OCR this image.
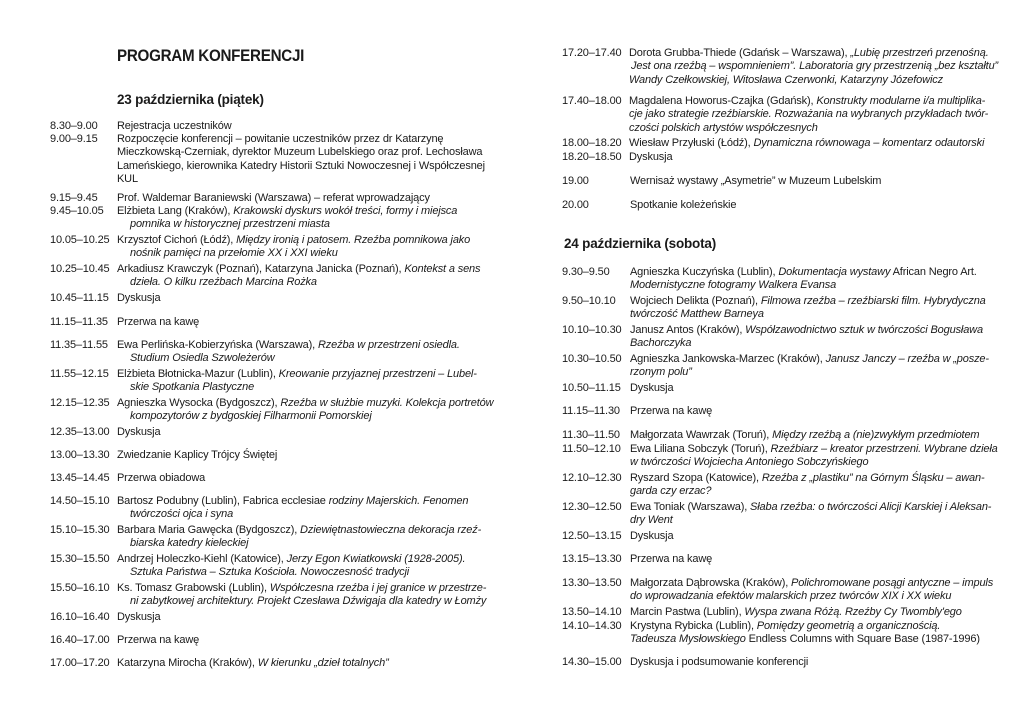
PROGRAM KONFERENCJI
23 października (piątek)
8.30–9.00 Rejestracja uczestników
9.00–9.15 Rozpoczęcie konferencji – powitanie uczestników przez dr Katarzynę
Mieczkowską-Czerniak, dyrektor Muzeum Lubelskiego oraz prof. Lechosława
Lameńskiego, kierownika Katedry Historii Sztuki Nowoczesnej i Współczesnej
KUL
9.15–9.45 Prof. Waldemar Baraniewski (Warszawa) – referat wprowadzający
9.45–10.05 Elżbieta Lang (Kraków), Krakowski dyskurs wokół treści, formy i miejsca
pomnika w historycznej przestrzeni miasta
10.05–10.25 Krzysztof Cichoń (Łódź), Między ironią i patosem. Rzeźba pomnikowa jako
nośnik pamięci na przełomie XX i XXI wieku
10.25–10.45 Arkadiusz Krawczyk (Poznań), Katarzyna Janicka (Poznań), Kontekst a sens
dzieła. O kilku rzeźbach Marcina Rożka
10.45–11.15 Dyskusja
11.15–11.35 Przerwa na kawę
11.35–11.55 Ewa Perlińska-Kobierzyńska (Warszawa), Rzeźba w przestrzeni osiedla.
Studium Osiedla Szwoleżerów
11.55–12.15 Elżbieta Błotnicka-Mazur (Lublin), Kreowanie przyjaznej przestrzeni – Lubel-
skie Spotkania Plastyczne
12.15–12.35 Agnieszka Wysocka (Bydgoszcz), Rzeźba w służbie muzyki. Kolekcja portretów
kompozytorów z bydgoskiej Filharmonii Pomorskiej
12.35–13.00 Dyskusja
13.00–13.30 Zwiedzanie Kaplicy Trójcy Świętej
13.45–14.45 Przerwa obiadowa
14.50–15.10 Bartosz Podubny (Lublin), Fabrica ecclesiae rodziny Majerskich. Fenomen
twórczości ojca i syna
15.10–15.30 Barbara Maria Gawęcka (Bydgoszcz), Dziewiętnastowieczna dekoracja rzeź-
biarska katedry kieleckiej
15.30–15.50 Andrzej Holeczko-Kiehl (Katowice), Jerzy Egon Kwiatkowski (1928-2005).
Sztuka Państwa – Sztuka Kościoła. Nowoczesność tradycji
15.50–16.10 Ks. Tomasz Grabowski (Lublin), Współczesna rzeźba i jej granice w przestrze-
ni zabytkowej architektury. Projekt Czesława Dźwigaja dla katedry w Łomży
16.10–16.40 Dyskusja
16.40–17.00 Przerwa na kawę
17.00–17.20 Katarzyna Mirocha (Kraków), W kierunku „dzieł totalnych”
24 października (sobota)
17.20–17.40 Dorota Grubba-Thiede (Gdańsk – Warszawa), „Lubię przestrzeń przenośną.
Jest ona rzeźbą – wspomnieniem”. Laboratoria gry przestrzenią „bez kształtu”
Wandy Czełkowskiej, Witosława Czerwonki, Katarzyny Józefowicz
17.40–18.00 Magdalena Howorus-Czajka (Gdańsk), Konstrukty modularne i/a multiplika-
cje jako strategie rzeźbiarskie. Rozważania na wybranych przykładach twór-
czości polskich artystów współczesnych
18.00–18.20 Wiesław Przyłuski (Łódź), Dynamiczna równowaga – komentarz odautorski
18.20–18.50 Dyskusja
19.00	Wernisaż wystawy „Asymetrie” w Muzeum Lubelskim
20.00	Spotkanie koleżeńskie
9.30–9.50 Agnieszka Kuczyńska (Lublin), Dokumentacja wystawy African Negro Art.
Modernistyczne fotogramy Walkera Evansa
9.50–10.10 Wojciech Delikta (Poznań), Filmowa rzeźba – rzeźbiarski film. Hybrydyczna
twórczość Matthew Barneya
10.10–10.30 Janusz Antos (Kraków), Współzawodnictwo sztuk w twórczości Bogusława
Bachorczyka
10.30–10.50 Agnieszka Jankowska-Marzec (Kraków), Janusz Janczy – rzeźba w „posze-
rzonym polu”
10.50–11.15 Dyskusja
11.15–11.30 Przerwa na kawę
11.30–11.50 Małgorzata Wawrzak (Toruń), Między rzeźbą a (nie)zwykłym przedmiotem
11.50–12.10 Ewa Liliana Sobczyk (Toruń), Rzeźbiarz – kreator przestrzeni. Wybrane dzieła
w twórczości Wojciecha Antoniego Sobczyńskiego
12.10–12.30 Ryszard Szopa (Katowice), Rzeźba z „plastiku” na Górnym Śląsku – awan-
garda czy erzac?
12.30–12.50 Ewa Toniak (Warszawa), Słaba rzeźba: o twórczości Alicji Karskiej i Aleksan-
dry Went
12.50–13.15 Dyskusja
13.15–13.30 Przerwa na kawę
13.30–13.50 Małgorzata Dąbrowska (Kraków), Polichromowane posągi antyczne – impuls
do wprowadzania efektów malarskich przez twórców XIX i XX wieku
13.50–14.10 Marcin Pastwa (Lublin), Wyspa zwana Różą. Rzeźby Cy Twombly'ego
14.10–14.30 Krystyna Rybicka (Lublin), Pomiędzy geometrią a organicznością.
Tadeusza Mysłowskiego Endless Columns with Square Base (1987-1996)
14.30–15.00 Dyskusja i podsumowanie konferencji
